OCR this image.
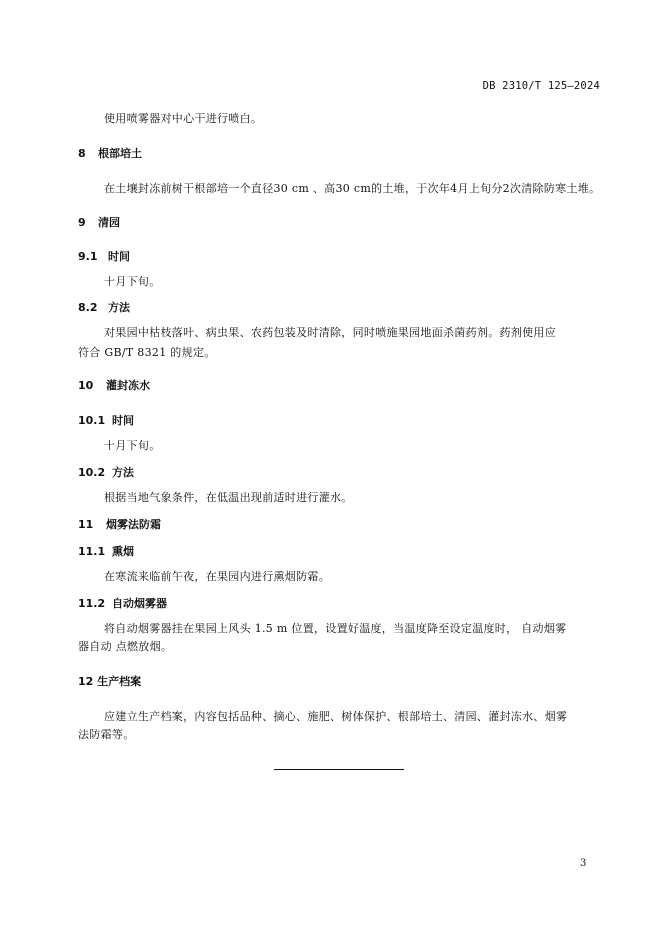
DB 2310/T 125—2024
使用喷雾器对中心干进行喷白。
8 根部培土
在土壤封冻前树干根部培一个直径30 cm 、高30 cm的土堆，于次年4月上旬分2次清除防寒土堆。
9 清园
9.1 时间
十月下旬。
8.2 方法
对果园中枯枝落叶、病虫果、农药包装及时清除，同时喷施果园地面杀菌药剂。药剂使用应
符合 GB/T 8321 的规定。
10 灌封冻水
10.1 时间
十月下旬。
10.2 方法
根据当地气象条件，在低温出现前适时进行灌水。
11 烟雾法防霜
11.1 熏烟
在寒流来临前午夜，在果园内进行熏烟防霜。
11.2 自动烟雾器
将自动烟雾器挂在果园上风头 1.5 m 位置，设置好温度，当温度降至设定温度时， 自动烟雾
器自动 点燃放烟。
12 生产档案
应建立生产档案，内容包括品种、摘心、施肥、树体保护、根部培土、清园、灌封冻水、烟雾
法防霜等。
3
